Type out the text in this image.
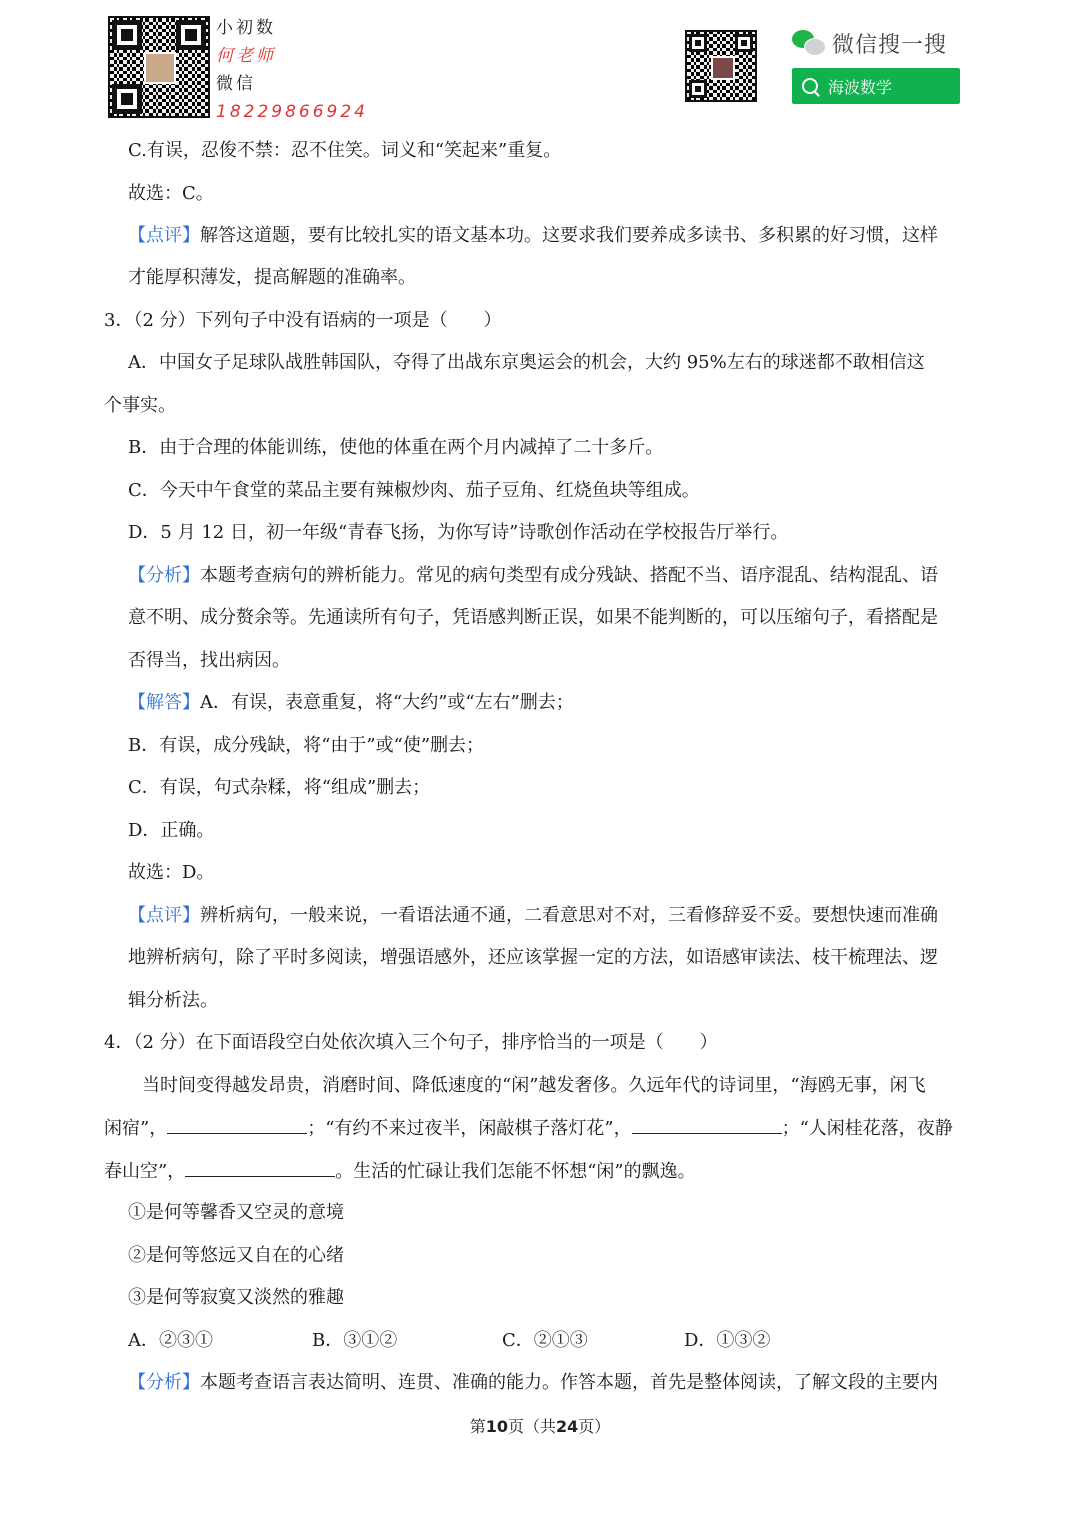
小初数
何老师
微信
18229866924
微信搜一搜
海波数学
C.有误，忍俊不禁：忍不住笑。词义和“笑起来”重复。
故选：C。
【点评】解答这道题，要有比较扎实的语文基本功。这要求我们要养成多读书、多积累的好习惯，这样
才能厚积薄发，提高解题的准确率。
3．（2 分）下列句子中没有语病的一项是（　　）
A．中国女子足球队战胜韩国队，夺得了出战东京奥运会的机会，大约 95%左右的球迷都不敢相信这
个事实。
B．由于合理的体能训练，使他的体重在两个月内减掉了二十多斤。
C．今天中午食堂的菜品主要有辣椒炒肉、茄子豆角、红烧鱼块等组成。
D．5 月 12 日，初一年级“青春飞扬，为你写诗”诗歌创作活动在学校报告厅举行。
【分析】本题考查病句的辨析能力。常见的病句类型有成分残缺、搭配不当、语序混乱、结构混乱、语
意不明、成分赘余等。先通读所有句子，凭语感判断正误，如果不能判断的，可以压缩句子，看搭配是
否得当，找出病因。
【解答】A．有误，表意重复，将“大约”或“左右”删去；
B．有误，成分残缺，将“由于”或“使”删去；
C．有误，句式杂糅，将“组成”删去；
D．正确。
故选：D。
【点评】辨析病句，一般来说，一看语法通不通，二看意思对不对，三看修辞妥不妥。要想快速而准确
地辨析病句，除了平时多阅读，增强语感外，还应该掌握一定的方法，如语感审读法、枝干梳理法、逻
辑分析法。
4．（2 分）在下面语段空白处依次填入三个句子，排序恰当的一项是（　　）
当时间变得越发昂贵，消磨时间、降低速度的“闲”越发奢侈。久远年代的诗词里，“海鸥无事，闲飞
闲宿”，	；“有约不来过夜半，闲敲棋子落灯花”，	；“人闲桂花落，夜静
春山空”，	。生活的忙碌让我们怎能不怀想“闲”的飘逸。
①是何等馨香又空灵的意境
②是何等悠远又自在的心绪
③是何等寂寞又淡然的雅趣
A．②③①	B．③①②	C．②①③	D．①③②
【分析】本题考查语言表达简明、连贯、准确的能力。作答本题，首先是整体阅读，了解文段的主要内
第10页（共24页）
